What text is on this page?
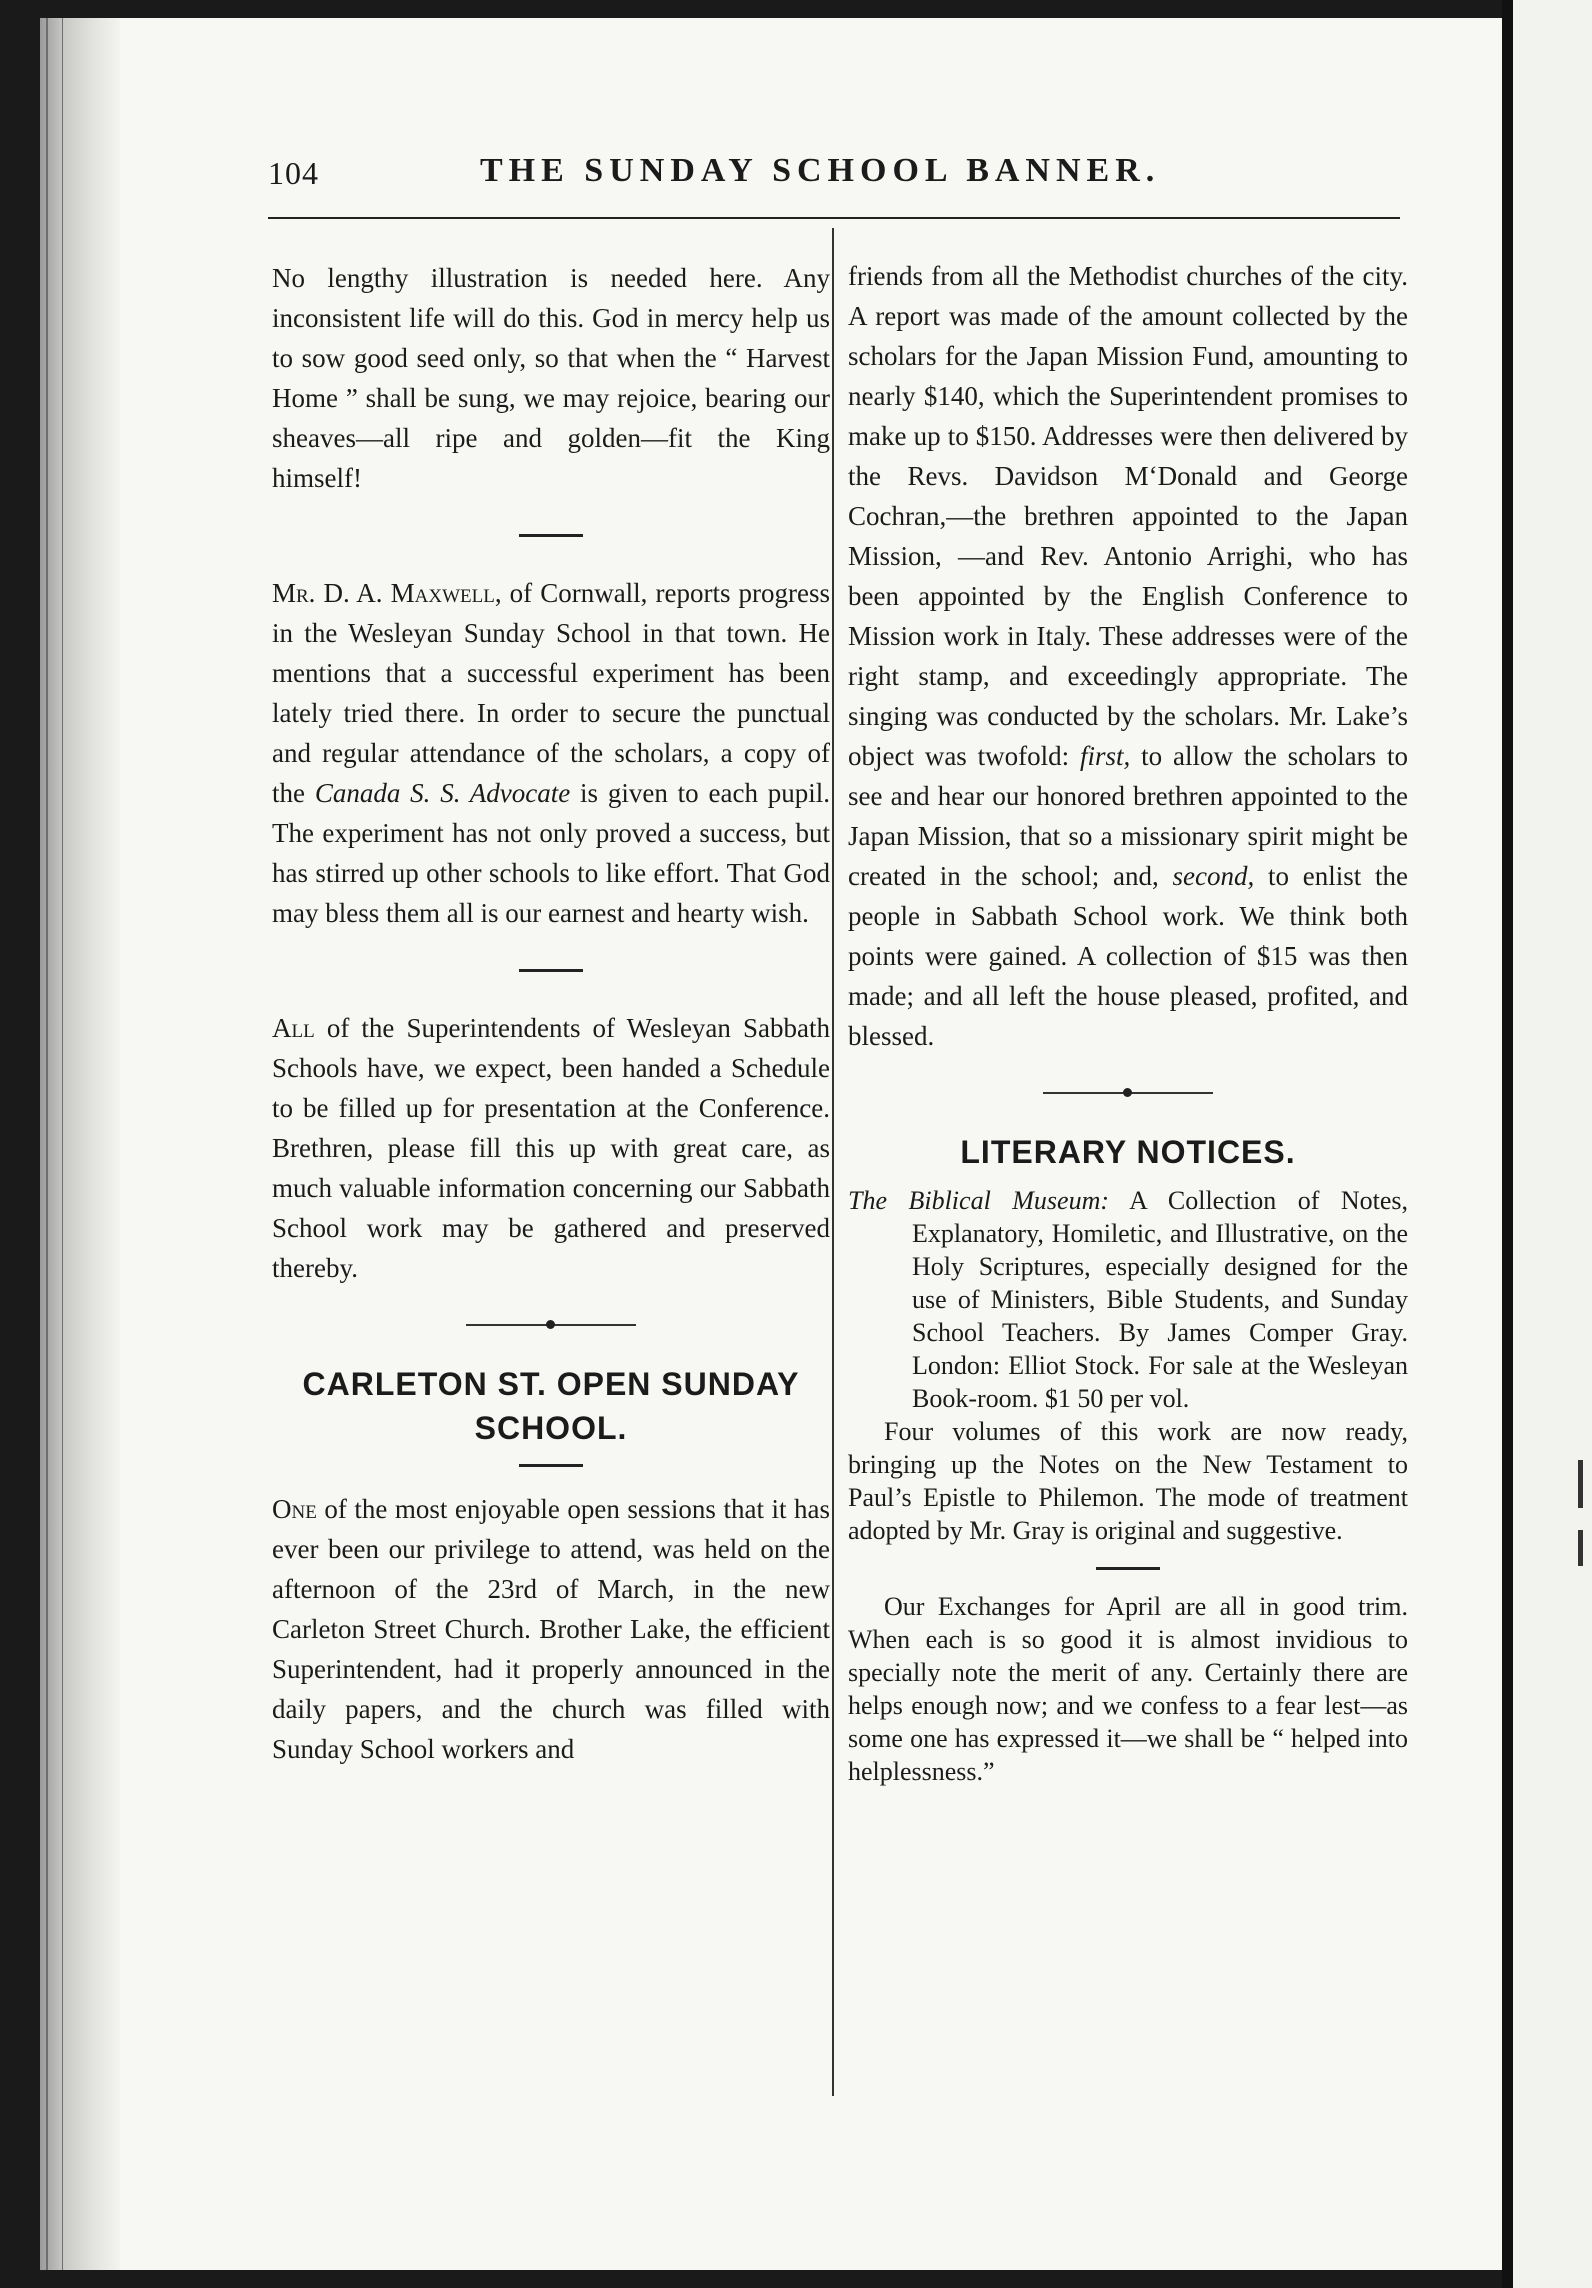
104	THE SUNDAY SCHOOL BANNER.

No lengthy illustration is needed here. Any inconsistent life will do this. God in mercy help us to sow good seed only, so that when the “ Harvest Home ” shall be sung, we may rejoice, bearing our sheaves—all ripe and golden—fit the King himself!

Mr. D. A. Maxwell, of Cornwall, reports progress in the Wesleyan Sunday School in that town. He mentions that a successful experiment has been lately tried there. In order to secure the punctual and regular attendance of the scholars, a copy of the Canada S. S. Advocate is given to each pupil. The experiment has not only proved a success, but has stirred up other schools to like effort. That God may bless them all is our earnest and hearty wish.

All of the Superintendents of Wesleyan Sabbath Schools have, we expect, been handed a Schedule to be filled up for presentation at the Conference. Brethren, please fill this up with great care, as much valuable information concerning our Sabbath School work may be gathered and preserved thereby.

CARLETON ST. OPEN SUNDAY SCHOOL.

One of the most enjoyable open sessions that it has ever been our privilege to attend, was held on the afternoon of the 23rd of March, in the new Carleton Street Church. Brother Lake, the efficient Superintendent, had it properly announced in the daily papers, and the church was filled with Sunday School workers and

friends from all the Methodist churches of the city. A report was made of the amount collected by the scholars for the Japan Mission Fund, amounting to nearly $140, which the Superintendent promises to make up to $150. Addresses were then delivered by the Revs. Davidson M‘Donald and George Cochran,—the brethren appointed to the Japan Mission, —and Rev. Antonio Arrighi, who has been appointed by the English Conference to Mission work in Italy. These addresses were of the right stamp, and exceedingly appropriate. The singing was conducted by the scholars. Mr. Lake’s object was twofold: first, to allow the scholars to see and hear our honored brethren appointed to the Japan Mission, that so a missionary spirit might be created in the school; and, second, to enlist the people in Sabbath School work. We think both points were gained. A collection of $15 was then made; and all left the house pleased, profited, and blessed.

LITERARY NOTICES.

The Biblical Museum: A Collection of Notes, Explanatory, Homiletic, and Illustrative, on the Holy Scriptures, especially designed for the use of Ministers, Bible Students, and Sunday School Teachers. By James Comper Gray. London: Elliot Stock. For sale at the Wesleyan Book-room. $1 50 per vol.

Four volumes of this work are now ready, bringing up the Notes on the New Testament to Paul’s Epistle to Philemon. The mode of treatment adopted by Mr. Gray is original and suggestive.

Our Exchanges for April are all in good trim. When each is so good it is almost invidious to specially note the merit of any. Certainly there are helps enough now; and we confess to a fear lest—as some one has expressed it—we shall be “ helped into helplessness.”
